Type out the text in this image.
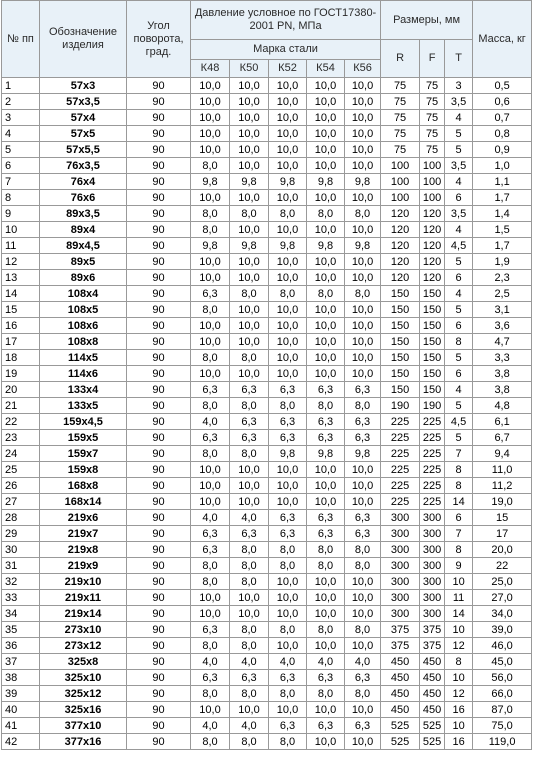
№ пп	Обозначение изделия	Угол поворота, град.	Давление условное по ГОСТ17380-2001 PN, МПа					Размеры, мм			Масса, кг
			Марка стали					R	F	T	
			К48	К50	К52	К54	К56				
1	57х3	90	10,0	10,0	10,0	10,0	10,0	75	75	3	0,5
2	57х3,5	90	10,0	10,0	10,0	10,0	10,0	75	75	3,5	0,6
3	57х4	90	10,0	10,0	10,0	10,0	10,0	75	75	4	0,7
4	57х5	90	10,0	10,0	10,0	10,0	10,0	75	75	5	0,8
5	57х5,5	90	10,0	10,0	10,0	10,0	10,0	75	75	5	0,9
6	76х3,5	90	8,0	10,0	10,0	10,0	10,0	100	100	3,5	1,0
7	76х4	90	9,8	9,8	9,8	9,8	9,8	100	100	4	1,1
8	76х6	90	10,0	10,0	10,0	10,0	10,0	100	100	6	1,7
9	89х3,5	90	8,0	8,0	8,0	8,0	8,0	120	120	3,5	1,4
10	89х4	90	8,0	10,0	10,0	10,0	10,0	120	120	4	1,5
11	89х4,5	90	9,8	9,8	9,8	9,8	9,8	120	120	4,5	1,7
12	89х5	90	10,0	10,0	10,0	10,0	10,0	120	120	5	1,9
13	89х6	90	10,0	10,0	10,0	10,0	10,0	120	120	6	2,3
14	108х4	90	6,3	8,0	8,0	8,0	8,0	150	150	4	2,5
15	108х5	90	8,0	10,0	10,0	10,0	10,0	150	150	5	3,1
16	108х6	90	10,0	10,0	10,0	10,0	10,0	150	150	6	3,6
17	108х8	90	10,0	10,0	10,0	10,0	10,0	150	150	8	4,7
18	114х5	90	8,0	8,0	10,0	10,0	10,0	150	150	5	3,3
19	114х6	90	10,0	10,0	10,0	10,0	10,0	150	150	6	3,8
20	133х4	90	6,3	6,3	6,3	6,3	6,3	150	150	4	3,8
21	133х5	90	8,0	8,0	8,0	8,0	8,0	190	190	5	4,8
22	159х4,5	90	4,0	6,3	6,3	6,3	6,3	225	225	4,5	6,1
23	159х5	90	6,3	6,3	6,3	6,3	6,3	225	225	5	6,7
24	159х7	90	8,0	8,0	9,8	9,8	9,8	225	225	7	9,4
25	159х8	90	10,0	10,0	10,0	10,0	10,0	225	225	8	11,0
26	168х8	90	10,0	10,0	10,0	10,0	10,0	225	225	8	11,2
27	168х14	90	10,0	10,0	10,0	10,0	10,0	225	225	14	19,0
28	219х6	90	4,0	4,0	6,3	6,3	6,3	300	300	6	15
29	219х7	90	6,3	6,3	6,3	6,3	6,3	300	300	7	17
30	219х8	90	6,3	8,0	8,0	8,0	8,0	300	300	8	20,0
31	219х9	90	8,0	8,0	8,0	8,0	8,0	300	300	9	22
32	219х10	90	8,0	8,0	10,0	10,0	10,0	300	300	10	25,0
33	219х11	90	10,0	10,0	10,0	10,0	10,0	300	300	11	27,0
34	219х14	90	10,0	10,0	10,0	10,0	10,0	300	300	14	34,0
35	273х10	90	6,3	8,0	8,0	8,0	8,0	375	375	10	39,0
36	273х12	90	8,0	8,0	10,0	10,0	10,0	375	375	12	46,0
37	325х8	90	4,0	4,0	4,0	4,0	4,0	450	450	8	45,0
38	325х10	90	6,3	6,3	6,3	6,3	6,3	450	450	10	56,0
39	325х12	90	8,0	8,0	8,0	8,0	8,0	450	450	12	66,0
40	325х16	90	10,0	10,0	10,0	10,0	10,0	450	450	16	87,0
41	377х10	90	4,0	4,0	6,3	6,3	6,3	525	525	10	75,0
42	377х16	90	8,0	8,0	8,0	10,0	10,0	525	525	16	119,0
